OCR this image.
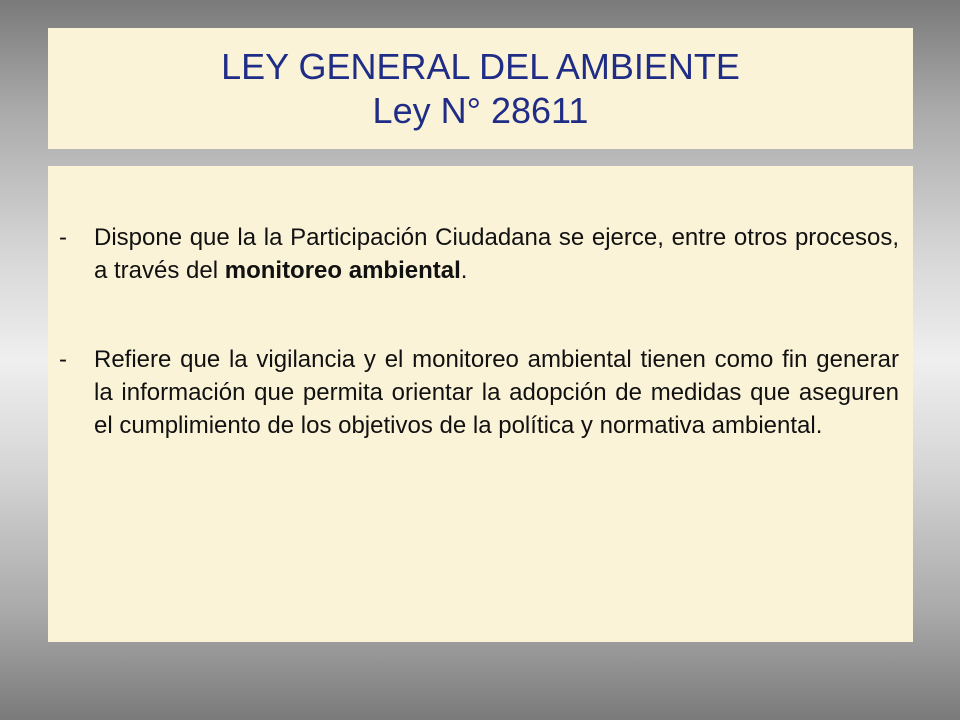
LEY GENERAL DEL AMBIENTE
Ley N° 28611
-	Dispone que la la Participación Ciudadana se ejerce, entre otros procesos, a través del monitoreo ambiental.
-	Refiere que la vigilancia y el monitoreo ambiental tienen como fin generar la información que permita orientar la adopción de medidas que aseguren el cumplimiento de los objetivos de la política y normativa ambiental.
